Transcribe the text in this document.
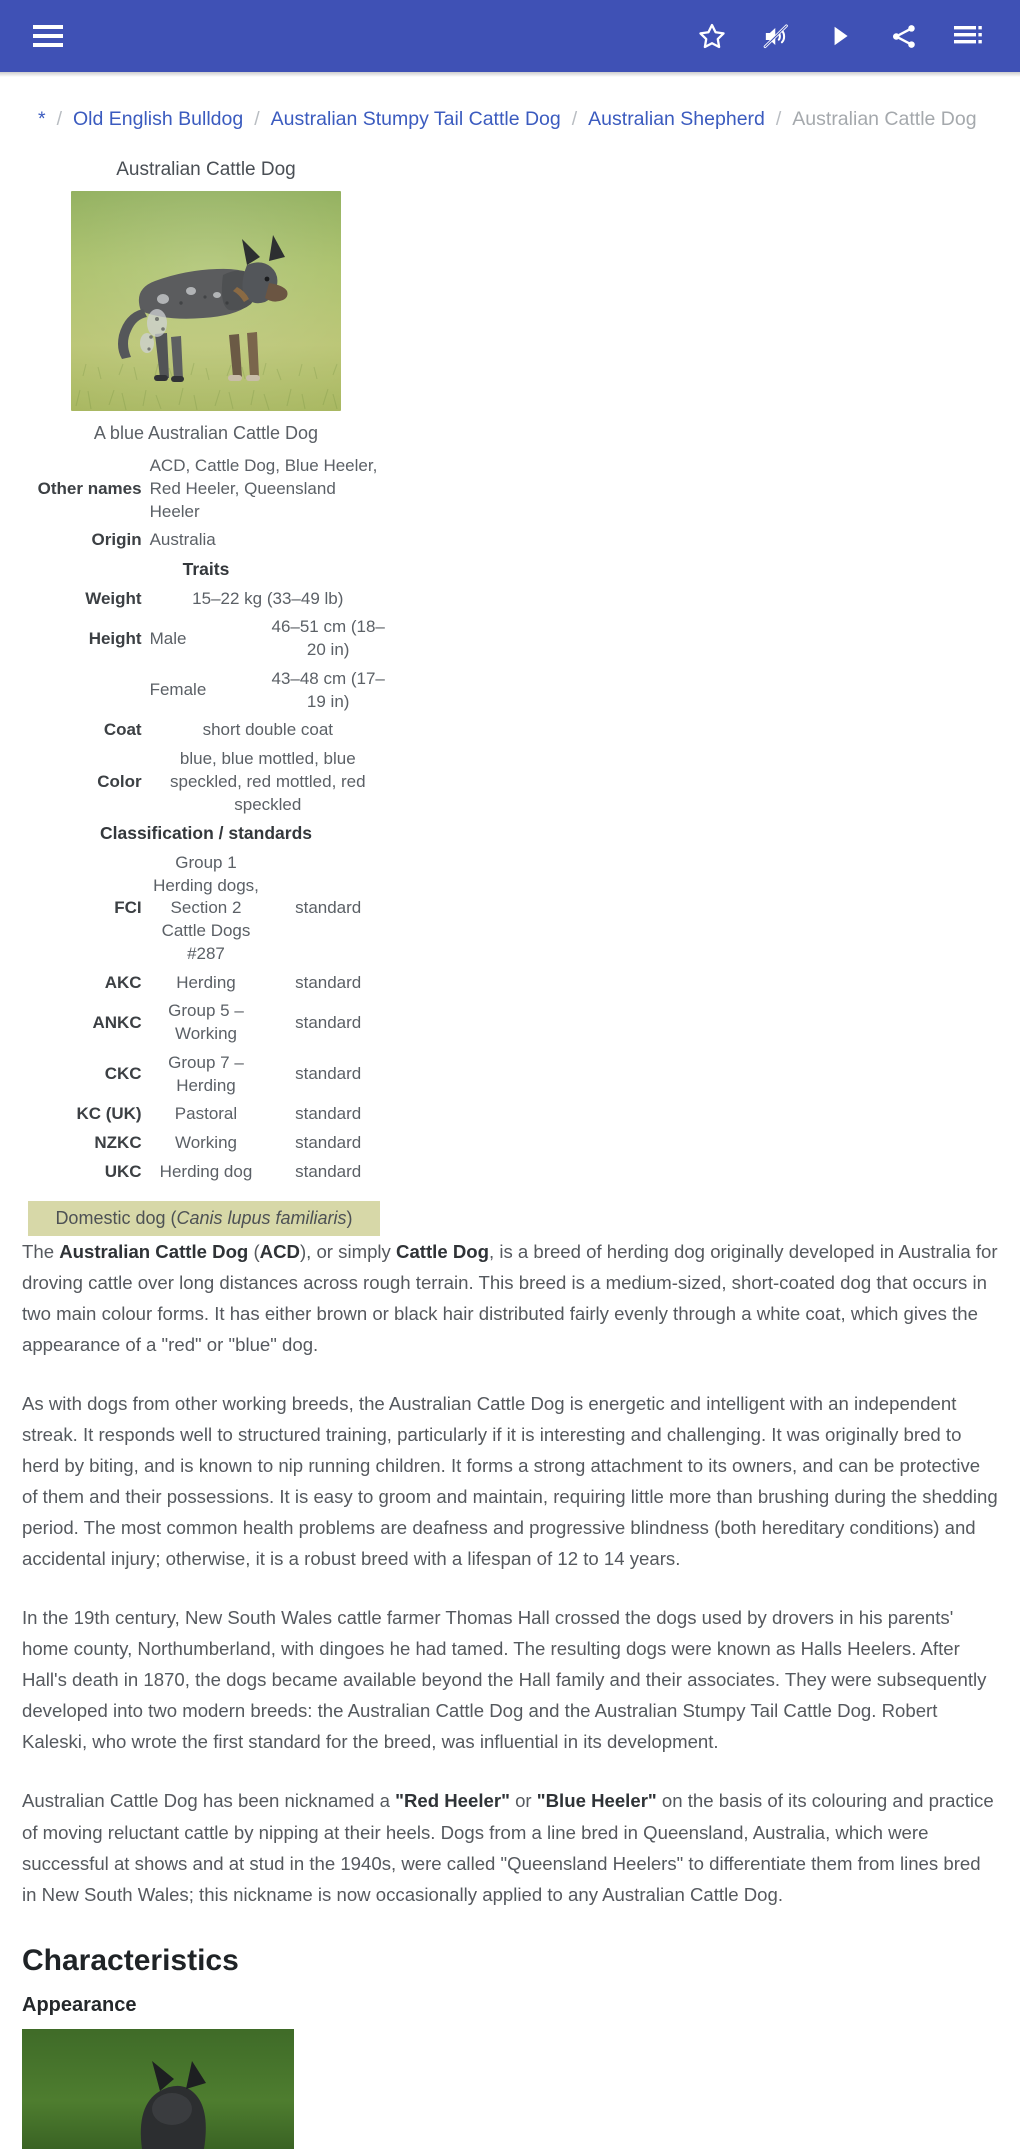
* / Old English Bulldog / Australian Stumpy Tail Cattle Dog / Australian Shepherd / Australian Cattle Dog
Australian Cattle Dog
A blue Australian Cattle Dog
Other names	ACD, Cattle Dog, Blue Heeler, Red Heeler, Queensland Heeler	
Origin	Australia	
Traits		
Weight	15–22 kg (33–49 lb)	
Height	Male	46–51 cm (18–20 in)
	Female	43–48 cm (17–19 in)
Coat	short double coat	
Color	blue, blue mottled, blue speckled, red mottled, red speckled	
Classification / standards		
FCI	Group 1 Herding dogs, Section 2 Cattle Dogs #287	standard
AKC	Herding	standard
ANKC	Group 5 – Working	standard
CKC	Group 7 – Herding	standard
KC (UK)	Pastoral	standard
NZKC	Working	standard
UKC	Herding dog	standard
Domestic dog (Canis lupus familiaris)

The Australian Cattle Dog (ACD), or simply Cattle Dog, is a breed of herding dog originally developed in Australia for droving cattle over long distances across rough terrain. This breed is a medium-sized, short-coated dog that occurs in two main colour forms. It has either brown or black hair distributed fairly evenly through a white coat, which gives the appearance of a "red" or "blue" dog.

As with dogs from other working breeds, the Australian Cattle Dog is energetic and intelligent with an independent streak. It responds well to structured training, particularly if it is interesting and challenging. It was originally bred to herd by biting, and is known to nip running children. It forms a strong attachment to its owners, and can be protective of them and their possessions. It is easy to groom and maintain, requiring little more than brushing during the shedding period. The most common health problems are deafness and progressive blindness (both hereditary conditions) and accidental injury; otherwise, it is a robust breed with a lifespan of 12 to 14 years.

In the 19th century, New South Wales cattle farmer Thomas Hall crossed the dogs used by drovers in his parents' home county, Northumberland, with dingoes he had tamed. The resulting dogs were known as Halls Heelers. After Hall's death in 1870, the dogs became available beyond the Hall family and their associates. They were subsequently developed into two modern breeds: the Australian Cattle Dog and the Australian Stumpy Tail Cattle Dog. Robert Kaleski, who wrote the first standard for the breed, was influential in its development.

Australian Cattle Dog has been nicknamed a "Red Heeler" or "Blue Heeler" on the basis of its colouring and practice of moving reluctant cattle by nipping at their heels. Dogs from a line bred in Queensland, Australia, which were successful at shows and at stud in the 1940s, were called "Queensland Heelers" to differentiate them from lines bred in New South Wales; this nickname is now occasionally applied to any Australian Cattle Dog.

Characteristics
Appearance
